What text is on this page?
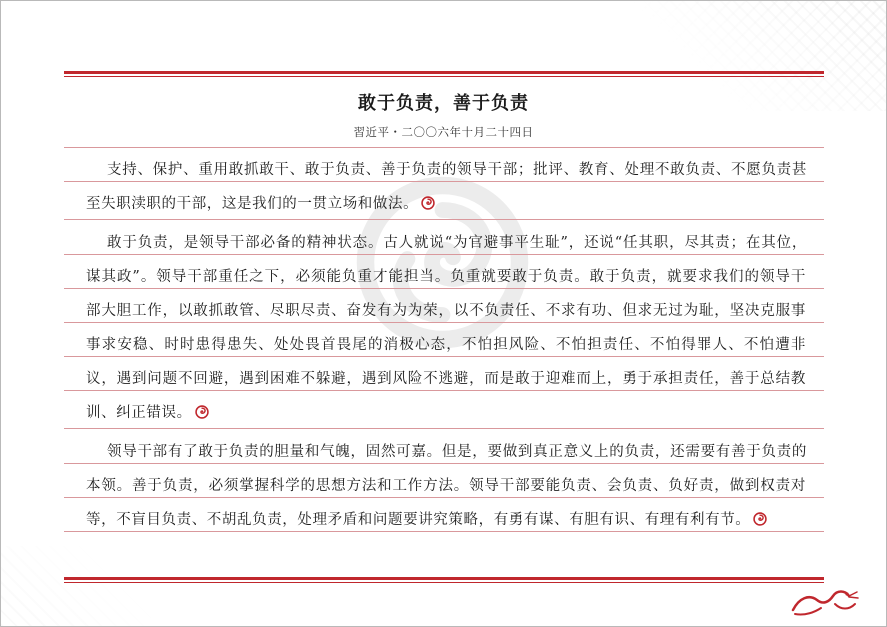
敢于负责，善于负责
習近平・二〇〇六年十月二十四日
支持、保护、重用敢抓敢干、敢于负责、善于负责的领导干部；批评、教育、处理不敢负责、不愿负责甚
至失职渎职的干部，这是我们的一贯立场和做法。
敢于负责，是领导干部必备的精神状态。古人就说“为官避事平生耻”，还说“任其职，尽其责；在其位，
谋其政”。领导干部重任之下，必须能负重才能担当。负重就要敢于负责。敢于负责，就要求我们的领导干
部大胆工作，以敢抓敢管、尽职尽责、奋发有为为荣，以不负责任、不求有功、但求无过为耻，坚决克服事
事求安稳、时时患得患失、处处畏首畏尾的消极心态，不怕担风险、不怕担责任、不怕得罪人、不怕遭非
议，遇到问题不回避，遇到困难不躲避，遇到风险不逃避，而是敢于迎难而上，勇于承担责任，善于总结教
训、纠正错误。
领导干部有了敢于负责的胆量和气魄，固然可嘉。但是，要做到真正意义上的负责，还需要有善于负责的
本领。善于负责，必须掌握科学的思想方法和工作方法。领导干部要能负责、会负责、负好责，做到权责对
等，不盲目负责、不胡乱负责，处理矛盾和问题要讲究策略，有勇有谋、有胆有识、有理有利有节。
